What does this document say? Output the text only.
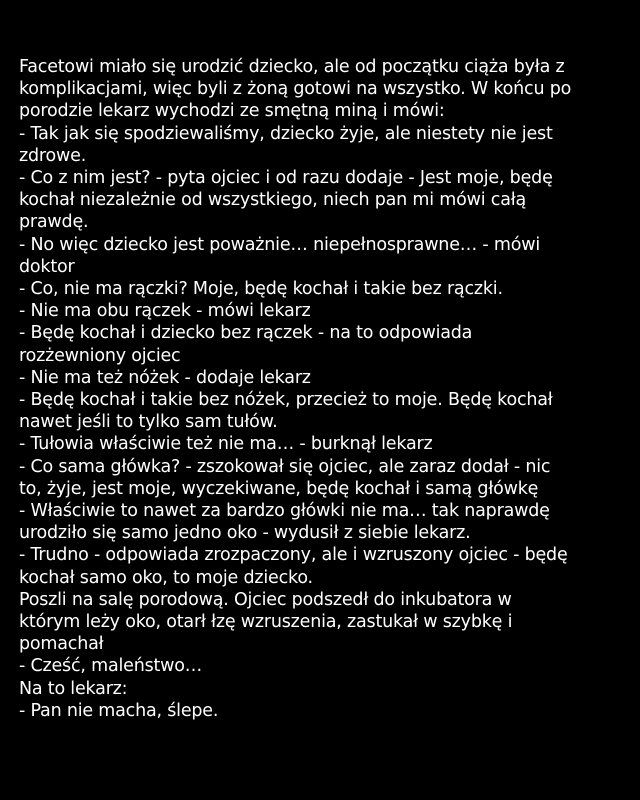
Facetowi miało się urodzić dziecko, ale od początku ciąża była z
komplikacjami, więc byli z żoną gotowi na wszystko. W końcu po
porodzie lekarz wychodzi ze smętną miną i mówi:
- Tak jak się spodziewaliśmy, dziecko żyje, ale niestety nie jest
zdrowe.
- Co z nim jest? - pyta ojciec i od razu dodaje - Jest moje, będę
kochał niezależnie od wszystkiego, niech pan mi mówi całą
prawdę.
- No więc dziecko jest poważnie… niepełnosprawne… - mówi
doktor
- Co, nie ma rączki? Moje, będę kochał i takie bez rączki.
- Nie ma obu rączek - mówi lekarz
- Będę kochał i dziecko bez rączek - na to odpowiada
rozżewniony ojciec
- Nie ma też nóżek - dodaje lekarz
- Będę kochał i takie bez nóżek, przecież to moje. Będę kochał
nawet jeśli to tylko sam tułów.
- Tułowia właściwie też nie ma… - burknął lekarz
- Co sama główka? - zszokował się ojciec, ale zaraz dodał - nic
to, żyje, jest moje, wyczekiwane, będę kochał i samą główkę
- Właściwie to nawet za bardzo główki nie ma… tak naprawdę
urodziło się samo jedno oko - wydusił z siebie lekarz.
- Trudno - odpowiada zrozpaczony, ale i wzruszony ojciec - będę
kochał samo oko, to moje dziecko.
Poszli na salę porodową. Ojciec podszedł do inkubatora w
którym leży oko, otarł łzę wzruszenia, zastukał w szybkę i
pomachał
- Cześć, maleństwo…
Na to lekarz:
- Pan nie macha, ślepe.
